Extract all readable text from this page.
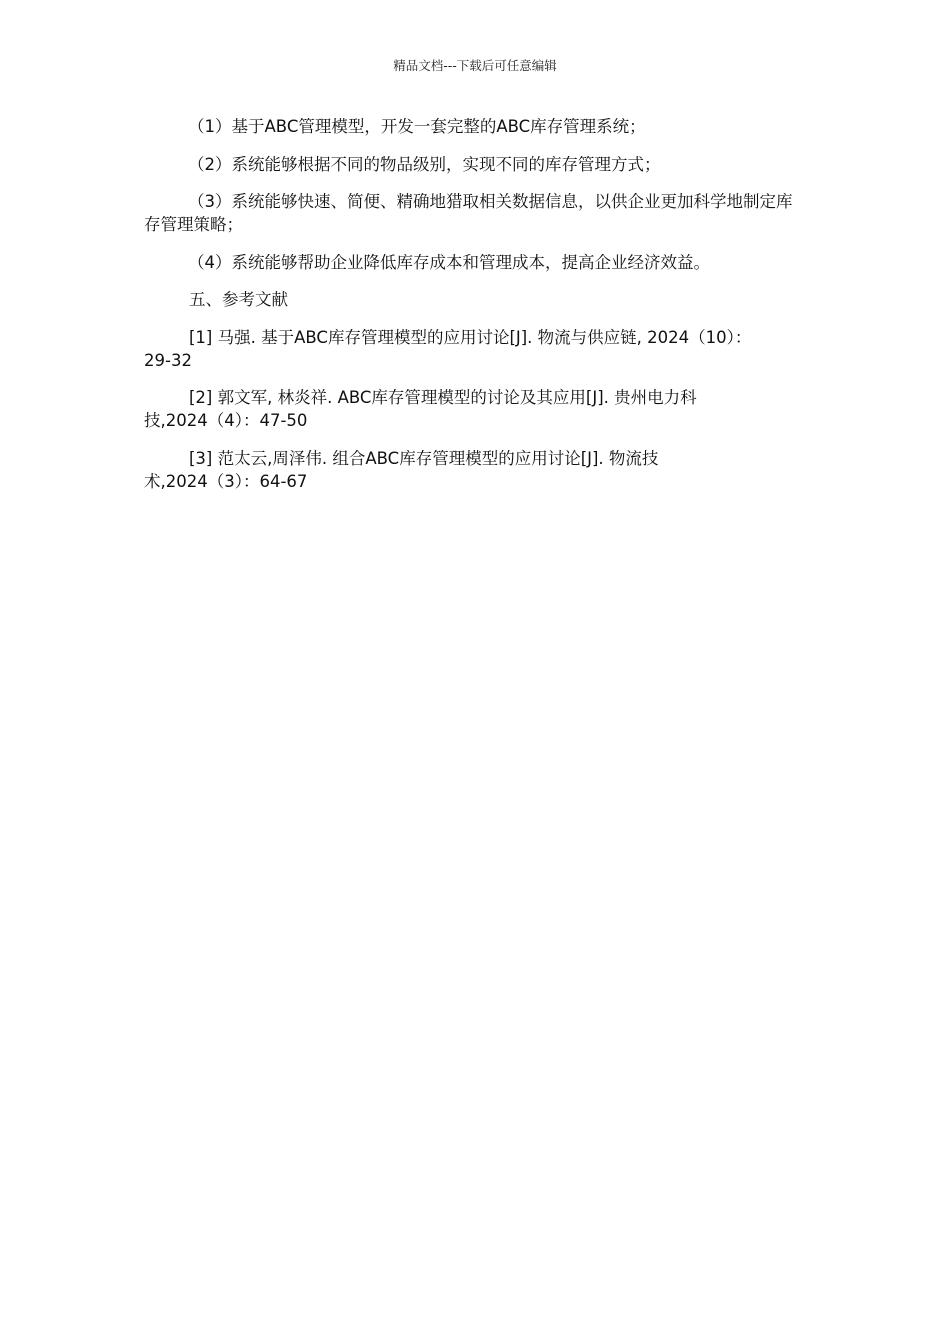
精品文档---下载后可任意编辑

（1）基于ABC管理模型，开发一套完整的ABC库存管理系统；

（2）系统能够根据不同的物品级别，实现不同的库存管理方式；

（3）系统能够快速、简便、精确地猎取相关数据信息，以供企业更加科学地制定库存管理策略；

（4）系统能够帮助企业降低库存成本和管理成本，提高企业经济效益。

五、参考文献

[1] 马强. 基于ABC库存管理模型的应用讨论[J]. 物流与供应链, 2024（10）：
29-32
[2] 郭文军, 林炎祥. ABC库存管理模型的讨论及其应用[J]. 贵州电力科
技,2024（4）：47-50
[3] 范太云,周泽伟. 组合ABC库存管理模型的应用讨论[J]. 物流技
术,2024（3）：64-67
